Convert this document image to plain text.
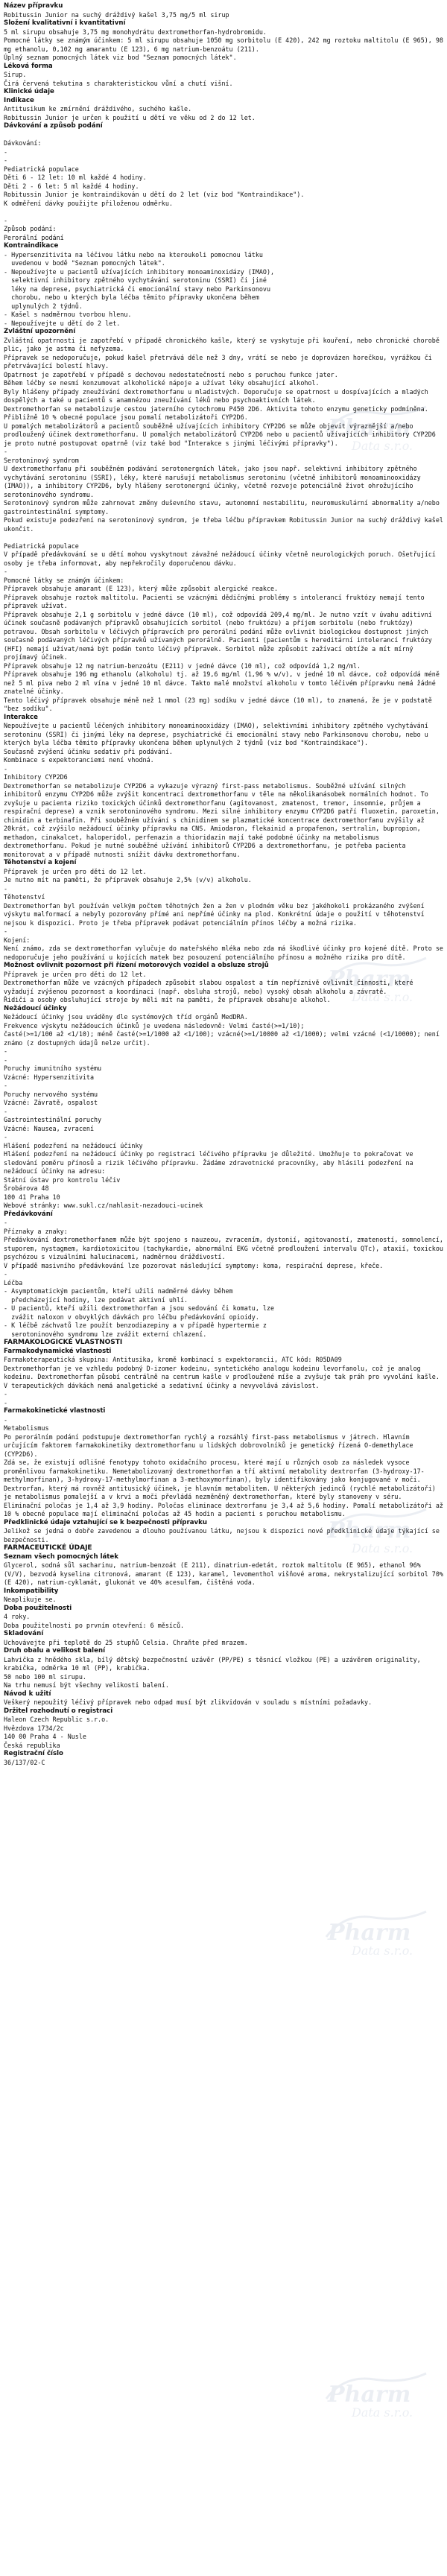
Název přípravku
Robitussin Junior na suchý dráždivý kašel 3,75 mg/5 ml sirup
Složení kvalitativní i kvantitativní
5 ml sirupu obsahuje 3,75 mg monohydrátu dextromethorfan-hydrobromidu.
Pomocné látky se známým účinkem: 5 ml sirupu obsahuje 1050 mg sorbitolu (E 420), 242 mg roztoku maltitolu (E 965), 98 mg ethanolu, 0,102 mg amarantu (E 123), 6 mg natrium-benzoátu (211).
Úplný seznam pomocných látek viz bod "Seznam pomocných látek".
Léková forma
Sirup.
Čirá červená tekutina s charakteristickou vůní a chutí višní.
Klinické údaje
Indikace
Antitusikum ke zmírnění dráždivého, suchého kašle.
Robitussin Junior je určen k použití u dětí ve věku od 2 do 12 let.
Dávkování a způsob podání

Dávkování:
-
-
Pediatrická populace
Děti 6 - 12 let: 10 ml každé 4 hodiny.
Děti 2 - 6 let: 5 ml každé 4 hodiny.
Robitussin Junior je kontraindikován u dětí do 2 let (viz bod "Kontraindikace").
K odměření dávky použijte přiloženou odměrku.

-
Způsob podání:
Perorální podání
Kontraindikace
- Hypersenzitivita na léčivou látku nebo na kteroukoli pomocnou látku
uvedenou v bodě "Seznam pomocných látek".
- Nepoužívejte u pacientů užívajících inhibitory monoaminoxidázy (IMAO),
selektivní inhibitory zpětného vychytávání serotoninu (SSRI) či jiné
léky na deprese, psychiatrická či emocionální stavy nebo Parkinsonovu
chorobu, nebo u kterých byla léčba těmito přípravky ukončena během
uplynulých 2 týdnů.
- Kašel s nadměrnou tvorbou hlenu.
- Nepoužívejte u dětí do 2 let.
Zvláštní upozornění
Zvláštní opatrnosti je zapotřebí v případě chronického kašle, který se vyskytuje při kouření, nebo chronické chorobě plic, jako je astma či nefyzema.
Přípravek se nedoporučuje, pokud kašel přetrvává déle než 3 dny, vrátí se nebo je doprovázen horečkou, vyrážkou či přetrvávající bolestí hlavy.
Opatrnost je zapotřebí v případě s dechovou nedostatečností nebo s poruchou funkce jater.
Během léčby se nesmí konzumovat alkoholické nápoje a užívat léky obsahující alkohol.
Byly hlášeny případy zneužívání dextromethorfanu u mladistvých. Doporučuje se opatrnost u dospívajících a mladých dospělých a také u pacientů s anamnézou zneužívání léků nebo psychoaktivních látek.
Dextromethorfan se metabolizuje cestou jaterního cytochromu P450 2D6. Aktivita tohoto enzymu geneticky podmíněna. Přibližně 10 % obecné populace jsou pomalí metabolizátoři CYP2D6.
U pomalých metabolizátorů a pacientů souběžně užívajících inhibitory CYP2D6 se může objevit výraznější a/nebo prodloužený účinek dextromethorfanu. U pomalých metabolizátorů CYP2D6 nebo u pacientů užívajících inhibitory CYP2D6 je proto nutné postupovat opatrně (viz také bod "Interakce s jinými léčivými přípravky").
-
Serotoninový syndrom
U dextromethorfanu při souběžném podávání serotonergních látek, jako jsou např. selektivní inhibitory zpětného vychytávání serotoninu (SSRI), léky, které narušují metabolismus serotoninu (včetně inhibitorů monoaminooxidázy (IMAO)), a inhibitory CYP2D6, byly hlášeny serotonergní účinky, včetně rozvoje potenciálně život ohrožujícího serotoninového syndromu.
Serotoninový syndrom může zahrnovat změny duševního stavu, autonomní nestabilitu, neuromuskulární abnormality a/nebo gastrointestinální symptomy.
Pokud existuje podezření na serotoninový syndrom, je třeba léčbu přípravkem Robitussin Junior na suchý dráždivý kašel ukončit.

Pediatrická populace
V případě předávkování se u dětí mohou vyskytnout závažné nežádoucí účinky včetně neurologických poruch. Ošetřující osoby je třeba informovat, aby nepřekročily doporučenou dávku.
-
Pomocné látky se známým účinkem:
Přípravek obsahuje amarant (E 123), který může způsobit alergické reakce.
Přípravek obsahuje roztok maltitolu. Pacienti se vzácnými dědičnými problémy s intolerancí fruktózy nemají tento přípravek užívat.
Přípravek obsahuje 2,1 g sorbitolu v jedné dávce (10 ml), což odpovídá 209,4 mg/ml. Je nutno vzít v úvahu aditivní účinek současně podávaných přípravků obsahujících sorbitol (nebo fruktózu) a příjem sorbitolu (nebo fruktózy) potravou. Obsah sorbitolu v léčivých přípravcích pro perorální podání může ovlivnit biologickou dostupnost jiných současně podávaných léčivých přípravků užívaných perorálně. Pacienti (pacientům s hereditární intolerancí fruktózy (HFI) nemají užívat/nemá být podán tento léčivý přípravek. Sorbitol může způsobit zažívací obtíže a mít mírný projímavý účinek.
Přípravek obsahuje 12 mg natrium-benzoátu (E211) v jedné dávce (10 ml), což odpovídá 1,2 mg/ml.
Přípravek obsahuje 196 mg ethanolu (alkoholu) tj. až 19,6 mg/ml (1,96 % w/v), v jedné 10 ml dávce, což odpovídá méně než 5 ml piva nebo 2 ml vína v jedné 10 ml dávce. Takto malé množství alkoholu v tomto léčivém přípravku nemá žádné znatelné účinky.
Tento léčivý přípravek obsahuje méně než 1 mmol (23 mg) sodíku v jedné dávce (10 ml), to znamená, že je v podstatě "bez sodíku".
Interakce
Nepoužívejte u pacientů léčených inhibitory monoaminooxidázy (IMAO), selektivními inhibitory zpětného vychytávání serotoninu (SSRI) či jinými léky na deprese, psychiatrické či emocionální stavy nebo Parkinsonovu chorobu, nebo u kterých byla léčba těmito přípravky ukončena během uplynulých 2 týdnů (viz bod "Kontraindikace").
Současně zvýšení účinku sedativ při podávání.
Kombinace s expektoranciemi není vhodná.
-
Inhibitory CYP2D6
Dextromethorfan se metabolizuje CYP2D6 a vykazuje výrazný first-pass metabolismus. Souběžné užívání silných inhibitorů enzymu CYP2D6 může zvýšit koncentraci dextromethorfanu v těle na několikanásobek normálních hodnot. To zvyšuje u pacienta riziko toxických účinků dextromethorfanu (agitovanost, zmatenost, tremor, insomnie, průjem a respirační deprese) a vznik serotoninového syndromu. Mezi silné inhibitory enzymu CYP2D6 patří fluoxetin, paroxetin, chinidin a terbinafin. Při souběžném užívání s chinidinem se plazmatické koncentrace dextromethorfanu zvýšily až 20krát, což zvýšilo nežádoucí účinky přípravku na CNS. Amiodaron, flekainid a propafenon, sertralin, bupropion, methadon, cinakalcet, haloperidol, perfenazin a thioridazin mají také podobné účinky na metabolismus dextromethorfanu. Pokud je nutné souběžné užívání inhibitorů CYP2D6 a dextromethorfanu, je potřeba pacienta monitorovat a v případě nutnosti snížit dávku dextromethorfanu.
Těhotenství a kojení
Přípravek je určen pro děti do 12 let.
Je nutno mít na paměti, že přípravek obsahuje 2,5% (v/v) alkoholu.
-
Těhotenství
Dextromethorfan byl používán velkým počtem těhotných žen a žen v plodném věku bez jakéhokoli prokázaného zvýšení výskytu malformací a nebyly pozorovány přímé ani nepřímé účinky na plod. Konkrétní údaje o použití v těhotenství nejsou k dispozici. Proto je třeba přípravek podávat potenciálním přínos léčby a možná rizika.
-
Kojení:
Není známo, zda se dextromethorfan vylučuje do mateřského mléka nebo zda má škodlivé účinky pro kojené dítě. Proto se nedoporučuje jeho používání u kojících matek bez posouzení potenciálního přínosu a možného rizika pro dítě.
Možnost ovlivnit pozornost při řízení motorových vozidel a obsluze strojů
Přípravek je určen pro děti do 12 let.
Dextromethorfan může ve vzácných případech způsobit slabou ospalost a tím nepříznivě ovlivnit činnosti, které vyžadují zvýšenou pozornost a koordinaci (např. obsluha strojů, nebo) vysoký obsah alkoholu a závratě.
Řidiči a osoby obsluhující stroje by měli mít na paměti, že přípravek obsahuje alkohol.
Nežádoucí účinky
Nežádoucí účinky jsou uváděny dle systémových tříd orgánů MedDRA.
Frekvence výskytu nežádoucích účinků je uvedena následovně: Velmi časté(>=1/10);
časté(>=1/100 až <1/10); méně časté(>=1/1000 až <1/100); vzácné(>=1/10000 až <1/1000); velmi vzácné (<1/10000); není známo (z dostupných údajů nelze určit).
-
-
Poruchy imunitního systému
Vzácné: Hypersenzitivita
-
Poruchy nervového systému
Vzácné: Závratě, ospalost
-
Gastrointestinální poruchy
Vzácné: Nausea, zvracení
-
Hlášení podezření na nežádoucí účinky
Hlášení podezření na nežádoucí účinky po registraci léčivého přípravku je důležité. Umožňuje to pokračovat ve sledování poměru přínosů a rizik léčivého přípravku. Žádáme zdravotnické pracovníky, aby hlásili podezření na nežádoucí účinky na adresu:
Státní ústav pro kontrolu léčiv
Šrobárova 48
100 41 Praha 10
Webové stránky: www.sukl.cz/nahlasit-nezadouci-ucinek
Předávkování
-
Příznaky a znaky:
Předávkování dextromethorfanem může být spojeno s nauzeou, zvracením, dystonií, agitovaností, zmateností, somnolencí, stuporem, nystagmem, kardiotoxicitou (tachykardie, abnormální EKG včetně prodloužení intervalu QTc), ataxií, toxickou psychózou s vizuálními halucinacemi, nadměrnou dráždivostí.
V případě masivního předávkování lze pozorovat následující symptomy: koma, respirační deprese, křeče.
-
Léčba
- Asymptomatickým pacientům, kteří užili nadměrné dávky během
předcházející hodiny, lze podávat aktivní uhlí.
- U pacientů, kteří užili dextromethorfan a jsou sedování či komatu, lze
zvážit naloxon v obvyklých dávkách pro léčbu předávkování opioidy.
- K léčbě záchvatů lze použít benzodiazepiny a v případě hypertermie z
serotoninového syndromu lze zvážit externí chlazení.
FARMAKOLOGICKÉ VLASTNOSTI
Farmakodynamické vlastnosti
Farmakoterapeutická skupina: Antitusika, kromě kombinací s expektorancii, ATC kód: R05DA09
Dextromethorfan je ve vzhledu podobný D-izomer kodeinu, syntetického analogu kodeinu levorfanolu, což je analog kodeinu. Dextromethorfan působí centrálně na centrum kašle v prodloužené míše a zvyšuje tak práh pro vyvolání kašle. V terapeutických dávkách nemá analgetické a sedativní účinky a nevyvolává závislost.
-
-
Farmakokinetické vlastnosti
-
Metabolismus
Po perorálním podání podstupuje dextromethorfan rychlý a rozsáhlý first-pass metabolismus v játrech. Hlavním určujícím faktorem farmakokinetiky dextromethorfanu u lidských dobrovolníků je genetický řízená O-demethylace (CYP2D6).
Zdá se, že existují odlišné fenotypy tohoto oxidačního procesu, které mají u různých osob za následek vysoce proměnlivou farmakokinetiku. Nemetabolizovaný dextromethorfan a tří aktivní metabolity dextrorfan (3-hydroxy-17-methylmorfinan), 3-hydroxy-17-methylmorfinan a 3-methoxymorfinan), byly identifikovány jako konjugované v moči.
Dextrorfan, který má rovněž antitusický účinek, je hlavním metabolitem. U některých jedinců (rychlé metabolizátoři) je metabolismus pomalejší a v krvi a moči převládá nezměněný dextromethorfan, které byly stanoveny v séru.
Eliminační poločas je 1,4 až 3,9 hodiny. Poločas eliminace dextrorfanu je 3,4 až 5,6 hodiny. Pomalí metabolizátoři až 10 % obecné populace mají eliminační poločas až 45 hodin a pacienti s poruchou metabolismu.
Předklinické údaje vztahující se k bezpečnosti přípravku
Jelikož se jedná o dobře zavedenou a dlouho používanou látku, nejsou k dispozici nové předklinické údaje týkající se bezpečnosti.
FARMACEUTICKÉ ÚDAJE
Seznam všech pomocných látek
Glycerol, sodná sůl sacharinu, natrium-benzoát (E 211), dinatrium-edetát, roztok maltitolu (E 965), ethanol 96% (V/V), bezvodá kyselina citronová, amarant (E 123), karamel, levomenthol višňové aroma, nekrystalizující sorbitol 70% (E 420), natrium-cyklamát, glukonát ve 40% acesulfam, čištěná voda.
Inkompatibility
Neaplikuje se.
Doba použitelnosti
4 roky.
Doba použitelnosti po prvním otevření: 6 měsíců.
Skladování
Uchovávejte při teplotě do 25 stupňů Celsia. Chraňte před mrazem.
Druh obalu a velikost balení
Lahvička z hnědého skla, bílý dětský bezpečnostní uzávěr (PP/PE) s těsnicí vložkou (PE) a uzávěrem originality, krabička, odměrka 10 ml (PP), krabička.
50 nebo 100 ml sirupu.
Na trhu nemusí být všechny velikosti balení.
Návod k užití
Veškerý nepoužitý léčivý přípravek nebo odpad musí být zlikvidován v souladu s místními požadavky.
Držitel rozhodnutí o registraci
Haleon Czech Republic s.r.o.
Hvězdova 1734/2c
140 00 Praha 4 - Nusle
Česká republika
Registrační číslo
36/137/02-C
Pharm
Data s.r.o.
Pharm
Data s.r.o.
Pharm
Data s.r.o.
Pharm
Data s.r.o.
Pharm
Data s.r.o.
